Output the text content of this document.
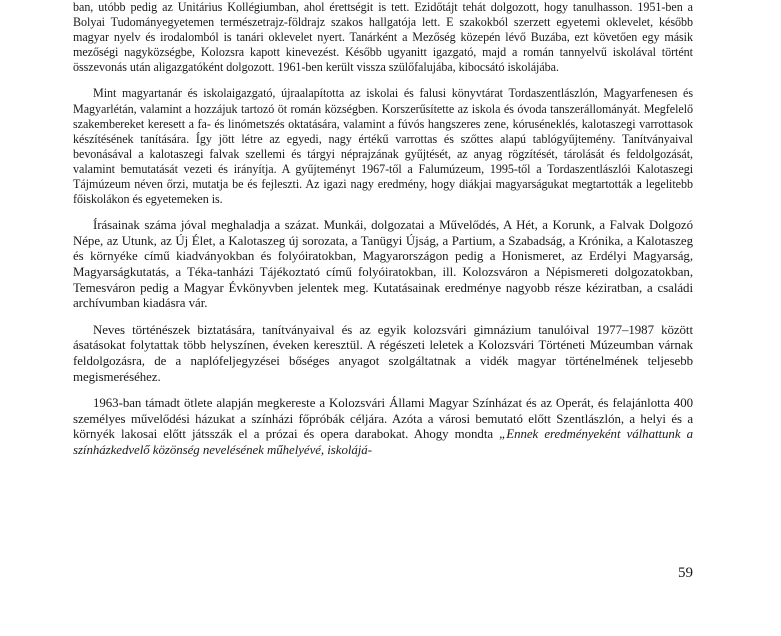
ban, utóbb pedig az Unitárius Kollégiumban, ahol érettségit is tett. Ezidőtájt tehát dolgozott, hogy tanulhasson. 1951-ben a Bolyai Tudományegyetemen természetrajz-földrajz szakos hallgatója lett. E szakokból szerzett egyetemi oklevelet, később magyar nyelv és irodalomból is tanári oklevelet nyert. Tanárként a Mezőség közepén lévő Buzába, ezt követően egy másik mezőségi nagyközségbe, Kolozsra kapott kinevezést. Később ugyanitt igazgató, majd a román tannyelvű iskolával történt összevonás után aligazgatóként dolgozott. 1961-ben került vissza szülőfalujába, kibocsátó iskolájába.

Mint magyartanár és iskolaigazgató, újraalapította az iskolai és falusi könyvtárat Tordaszentlászlón, Magyarfenesen és Magyarlétán, valamint a hozzájuk tartozó öt román községben. Korszerűsítette az iskola és óvoda tanszerállományát. Megfelelő szakembereket keresett a fa- és linómetszés oktatására, valamint a fúvós hangszeres zene, kóruséneklés, kalotaszegi varrottasok készítésének tanítására. Így jött létre az egyedi, nagy értékű varrottas és szőttes alapú tablógyűjtemény. Tanítványaival bevonásával a kalotaszegi falvak szellemi és tárgyi néprajzának gyűjtését, az anyag rögzítését, tárolását és feldolgozását, valamint bemutatását vezeti és irányítja. A gyűjteményt 1967-től a Falumúzeum, 1995-től a Tordaszentlászlói Kalotaszegi Tájmúzeum néven őrzi, mutatja be és fejleszti. Az igazi nagy eredmény, hogy diákjai magyarságukat megtartották a legelitebb főiskolákon és egyetemeken is.

Írásainak száma jóval meghaladja a százat. Munkái, dolgozatai a Művelődés, A Hét, a Korunk, a Falvak Dolgozó Népe, az Utunk, az Új Élet, a Kalotaszeg új sorozata, a Tanügyi Újság, a Partium, a Szabadság, a Krónika, a Kalotaszeg és környéke című kiadványokban és folyóiratokban, Magyarországon pedig a Honismeret, az Erdélyi Magyarság, Magyarságkutatás, a Téka-tanházi Tájékoztató című folyóiratokban, ill. Kolozsváron a Népismereti dolgozatokban, Temesváron pedig a Magyar Évkönyvben jelentek meg. Kutatásainak eredménye nagyobb része kéziratban, a családi archívumban kiadásra vár.

Neves történészek biztatására, tanítványaival és az egyik kolozsvári gimnázium tanulóival 1977–1987 között ásatásokat folytattak több helyszínen, éveken keresztül. A régészeti leletek a Kolozsvári Történeti Múzeumban várnak feldolgozásra, de a naplófeljegyzései bőséges anyagot szolgáltatnak a vidék magyar történelmének teljesebb megismeréséhez.

1963-ban támadt ötlete alapján megkereste a Kolozsvári Állami Magyar Színházat és az Operát, és felajánlotta 400 személyes művelődési házukat a színházi főpróbák céljára. Azóta a városi bemutató előtt Szentlászlón, a helyi és a környék lakosai előtt játsszák el a prózai és opera darabokat. Ahogy mondta „Ennek eredményeként válhattunk a színházkedvelő közönség nevelésének műhelyévé, iskolájá-

59
